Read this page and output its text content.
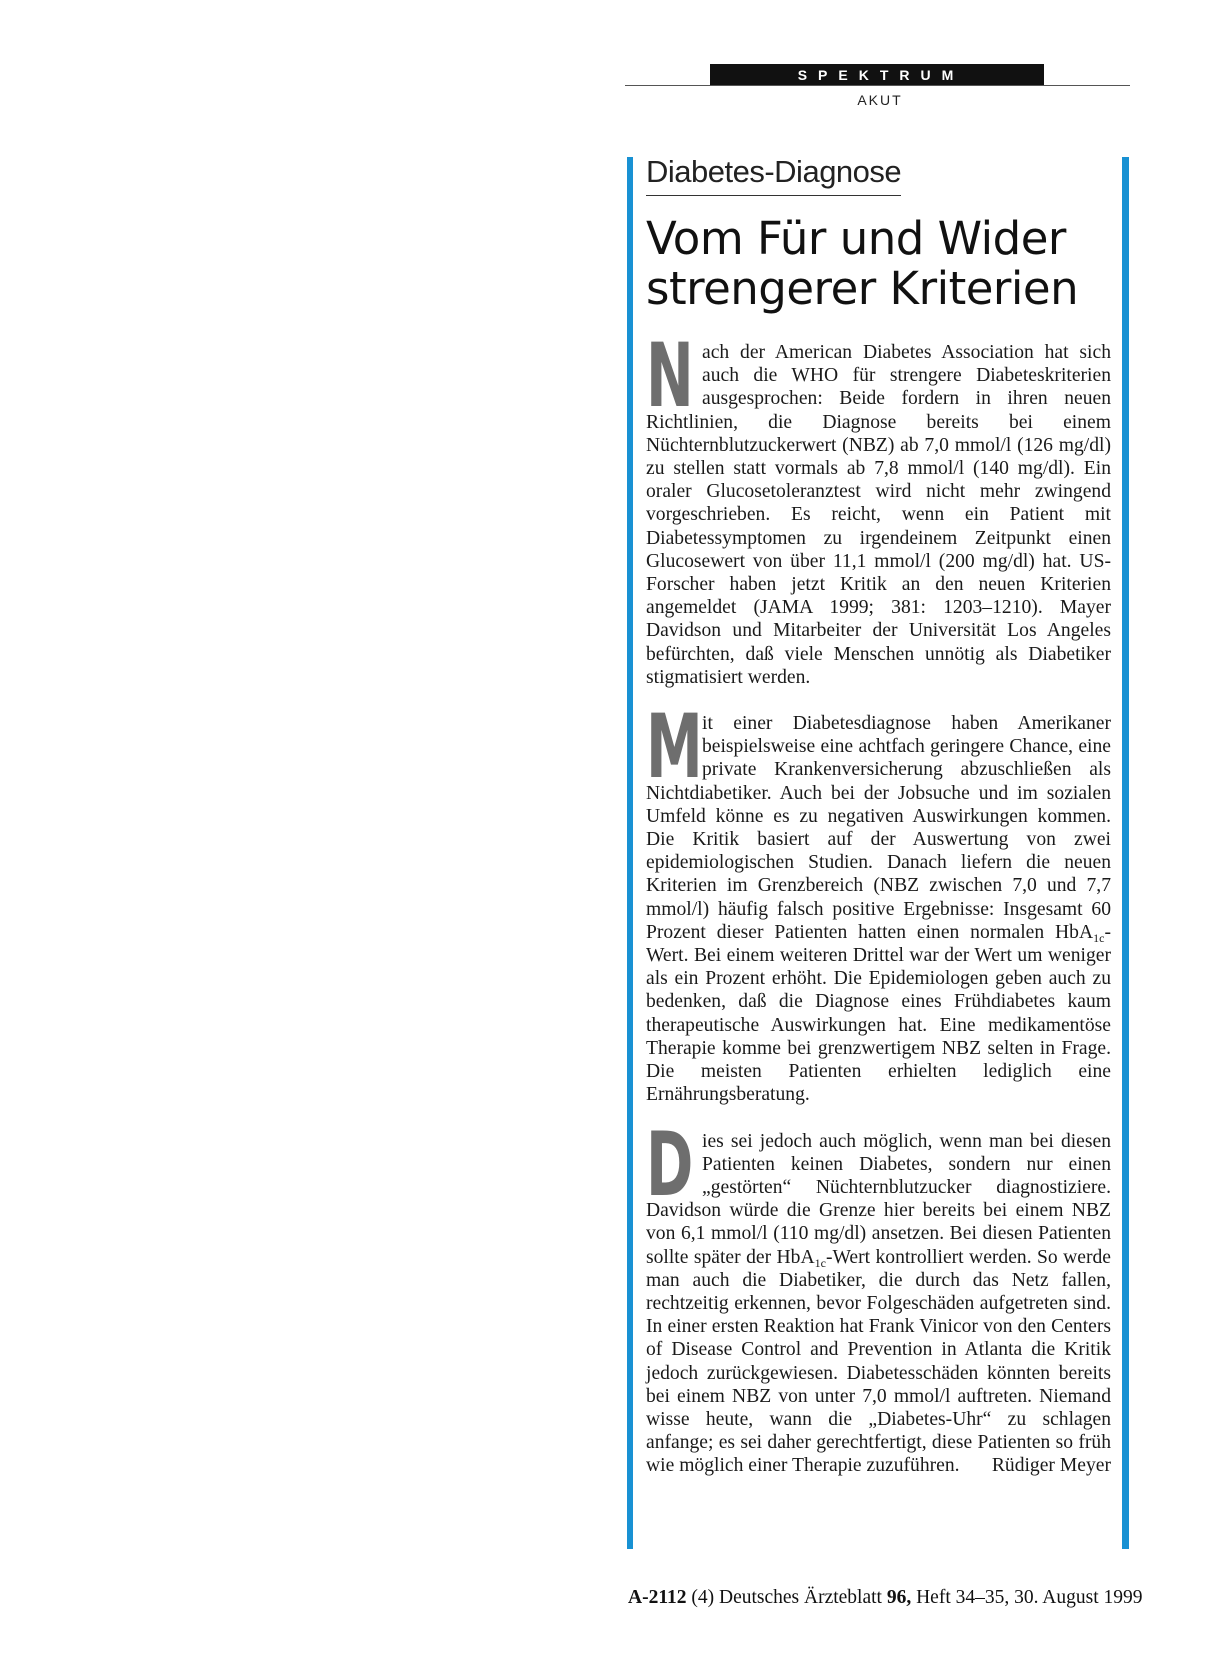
SPEKTRUM
AKUT
Diabetes-Diagnose
Vom Für und Wider
strengerer Kriterien

Nach der American Diabetes Association hat sich auch die WHO für strengere Diabeteskriterien ausgesprochen: Beide fordern in ihren neuen Richtlinien, die Diagnose bereits bei einem Nüchternblutzuckerwert (NBZ) ab 7,0 mmol/l (126 mg/dl) zu stellen statt vormals ab 7,8 mmol/l (140 mg/dl). Ein oraler Glucosetoleranztest wird nicht mehr zwingend vorgeschrieben. Es reicht, wenn ein Patient mit Diabetessymptomen zu irgendeinem Zeitpunkt einen Glucosewert von über 11,1 mmol/l (200 mg/dl) hat. US-Forscher haben jetzt Kritik an den neuen Kriterien angemeldet (JAMA 1999; 381: 1203–1210). Mayer Davidson und Mitarbeiter der Universität Los Angeles befürchten, daß viele Menschen unnötig als Diabetiker stigmatisiert werden.

Mit einer Diabetesdiagnose haben Amerikaner beispielsweise eine achtfach geringere Chance, eine private Krankenversicherung abzuschließen als Nichtdiabetiker. Auch bei der Jobsuche und im sozialen Umfeld könne es zu negativen Auswirkungen kommen. Die Kritik basiert auf der Auswertung von zwei epidemiologischen Studien. Danach liefern die neuen Kriterien im Grenzbereich (NBZ zwischen 7,0 und 7,7 mmol/l) häufig falsch positive Ergebnisse: Insgesamt 60 Prozent dieser Patienten hatten einen normalen HbA$_{1c}$-Wert. Bei einem weiteren Drittel war der Wert um weniger als ein Prozent erhöht. Die Epidemiologen geben auch zu bedenken, daß die Diagnose eines Frühdiabetes kaum therapeutische Auswirkungen hat. Eine medikamentöse Therapie komme bei grenzwertigem NBZ selten in Frage. Die meisten Patienten erhielten lediglich eine Ernährungsberatung.

Dies sei jedoch auch möglich, wenn man bei diesen Patienten keinen Diabetes, sondern nur einen „gestörten“ Nüchternblutzucker diagnostiziere. Davidson würde die Grenze hier bereits bei einem NBZ von 6,1 mmol/l (110 mg/dl) ansetzen. Bei diesen Patienten sollte später der HbA$_{1c}$-Wert kontrolliert werden. So werde man auch die Diabetiker, die durch das Netz fallen, rechtzeitig erkennen, bevor Folgeschäden aufgetreten sind. In einer ersten Reaktion hat Frank Vinicor von den Centers of Disease Control and Prevention in Atlanta die Kritik jedoch zurückgewiesen. Diabetesschäden könnten bereits bei einem NBZ von unter 7,0 mmol/l auftreten. Niemand wisse heute, wann die „Diabetes-Uhr“ zu schlagen anfange; es sei daher gerechtfertigt, diese Patienten so früh wie möglich einer Therapie zuzuführen. Rüdiger Meyer

A-2112 (4) Deutsches Ärzteblatt 96, Heft 34–35, 30. August 1999
